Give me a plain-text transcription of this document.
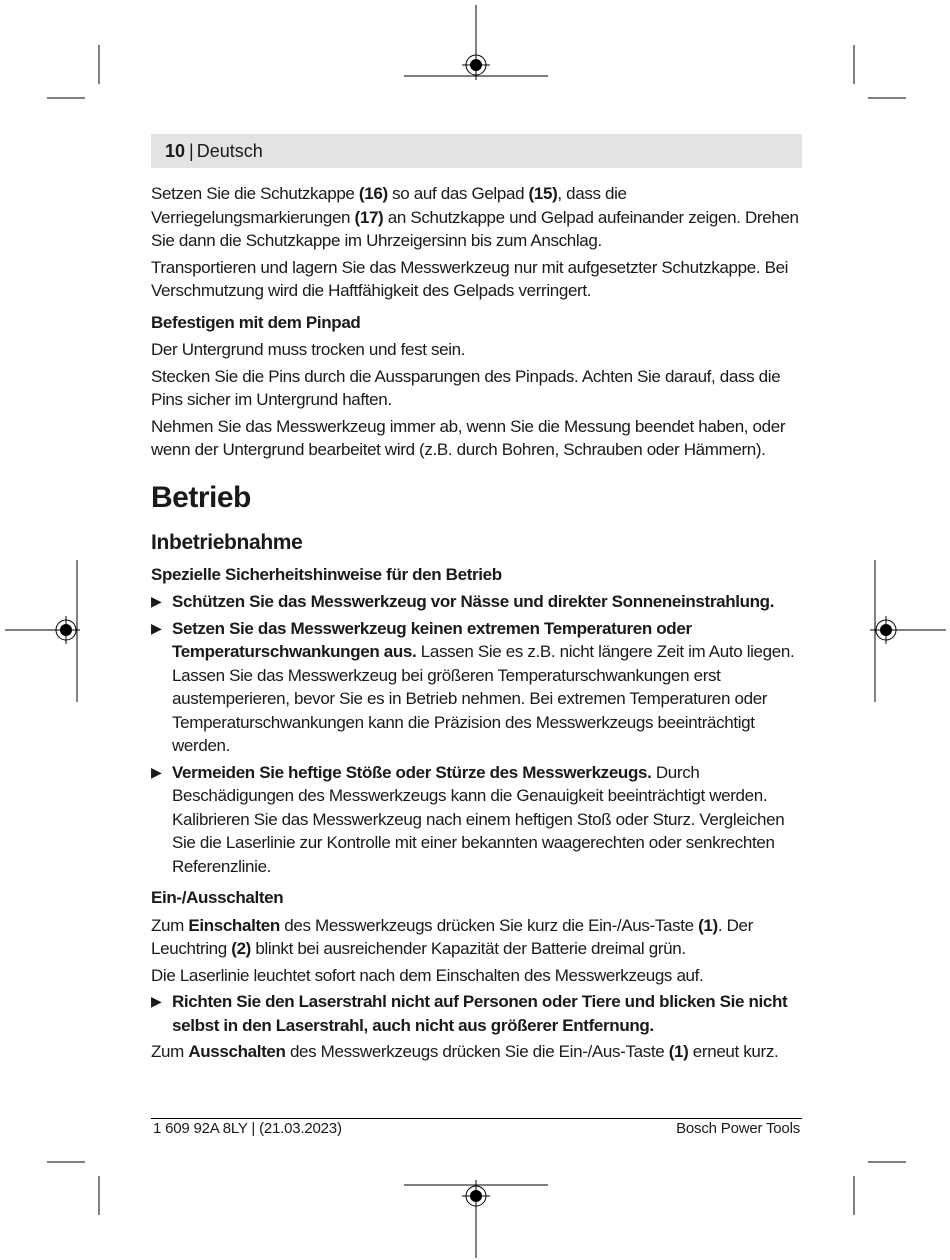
10 | Deutsch

Setzen Sie die Schutzkappe (16) so auf das Gelpad (15), dass die Verriegelungsmarkierungen (17) an Schutzkappe und Gelpad aufeinander zeigen. Drehen Sie dann die Schutzkappe im Uhrzeigersinn bis zum Anschlag.

Transportieren und lagern Sie das Messwerkzeug nur mit aufgesetzter Schutzkappe. Bei Verschmutzung wird die Haftfähigkeit des Gelpads verringert.

Befestigen mit dem Pinpad

Der Untergrund muss trocken und fest sein.

Stecken Sie die Pins durch die Aussparungen des Pinpads. Achten Sie darauf, dass die Pins sicher im Untergrund haften.

Nehmen Sie das Messwerkzeug immer ab, wenn Sie die Messung beendet haben, oder wenn der Untergrund bearbeitet wird (z.B. durch Bohren, Schrauben oder Hämmern).

Betrieb
Inbetriebnahme
Spezielle Sicherheitshinweise für den Betrieb
▶ Schützen Sie das Messwerkzeug vor Nässe und direkter Sonneneinstrahlung.
▶ Setzen Sie das Messwerkzeug keinen extremen Temperaturen oder Temperaturschwankungen aus. Lassen Sie es z.B. nicht längere Zeit im Auto liegen. Lassen Sie das Messwerkzeug bei größeren Temperaturschwankungen erst austemperieren, bevor Sie es in Betrieb nehmen. Bei extremen Temperaturen oder Temperaturschwankungen kann die Präzision des Messwerkzeugs beeinträchtigt werden.
▶ Vermeiden Sie heftige Stöße oder Stürze des Messwerkzeugs. Durch Beschädigungen des Messwerkzeugs kann die Genauigkeit beeinträchtigt werden. Kalibrieren Sie das Messwerkzeug nach einem heftigen Stoß oder Sturz. Vergleichen Sie die Laserlinie zur Kontrolle mit einer bekannten waagerechten oder senkrechten Referenzlinie.
Ein-/Ausschalten

Zum Einschalten des Messwerkzeugs drücken Sie kurz die Ein-/Aus-Taste (1). Der Leuchtring (2) blinkt bei ausreichender Kapazität der Batterie dreimal grün.

Die Laserlinie leuchtet sofort nach dem Einschalten des Messwerkzeugs auf.

▶ Richten Sie den Laserstrahl nicht auf Personen oder Tiere und blicken Sie nicht selbst in den Laserstrahl, auch nicht aus größerer Entfernung.

Zum Ausschalten des Messwerkzeugs drücken Sie die Ein-/Aus-Taste (1) erneut kurz.

1 609 92A 8LY | (21.03.2023)	Bosch Power Tools
